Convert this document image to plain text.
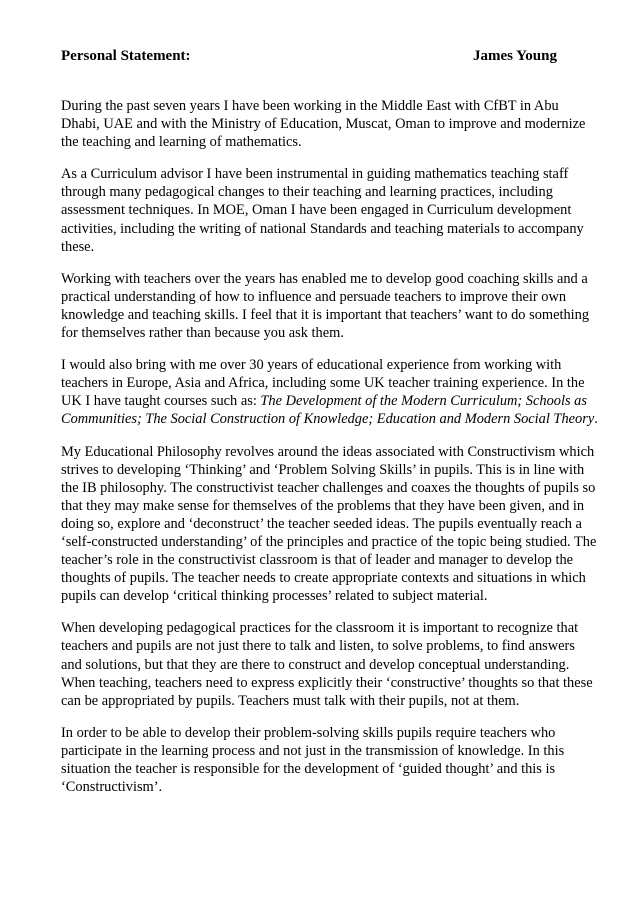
Personal Statement:	James Young

During the past seven years I have been working in the Middle East with CfBT in Abu Dhabi, UAE and with the Ministry of Education, Muscat, Oman to improve and modernize the teaching and learning of mathematics.

As a Curriculum advisor I have been instrumental in guiding mathematics teaching staff through many pedagogical changes to their teaching and learning practices, including assessment techniques. In MOE, Oman I have been engaged in Curriculum development activities, including the writing of national Standards and teaching materials to accompany these.

Working with teachers over the years has enabled me to develop good coaching skills and a practical understanding of how to influence and persuade teachers to improve their own knowledge and teaching skills. I feel that it is important that teachers’ want to do something for themselves rather than because you ask them.

I would also bring with me over 30 years of educational experience from working with teachers in Europe, Asia and Africa, including some UK teacher training experience. In the UK I have taught courses such as: The Development of the Modern Curriculum; Schools as Communities; The Social Construction of Knowledge; Education and Modern Social Theory.

My Educational Philosophy revolves around the ideas associated with Constructivism which strives to developing ‘Thinking’ and ‘Problem Solving Skills’ in pupils. This is in line with the IB philosophy. The constructivist teacher challenges and coaxes the thoughts of pupils so that they may make sense for themselves of the problems that they have been given, and in doing so, explore and ‘deconstruct’ the teacher seeded ideas. The pupils eventually reach a ‘self-constructed understanding’ of the principles and practice of the topic being studied. The teacher’s role in the constructivist classroom is that of leader and manager to develop the thoughts of pupils. The teacher needs to create appropriate contexts and situations in which pupils can develop ‘critical thinking processes’ related to subject material.

When developing pedagogical practices for the classroom it is important to recognize that teachers and pupils are not just there to talk and listen, to solve problems, to find answers and solutions, but that they are there to construct and develop conceptual understanding. When teaching, teachers need to express explicitly their ‘constructive’ thoughts so that these can be appropriated by pupils. Teachers must talk with their pupils, not at them.

In order to be able to develop their problem-solving skills pupils require teachers who participate in the learning process and not just in the transmission of knowledge. In this situation the teacher is responsible for the development of ‘guided thought’ and this is ‘Constructivism’.
